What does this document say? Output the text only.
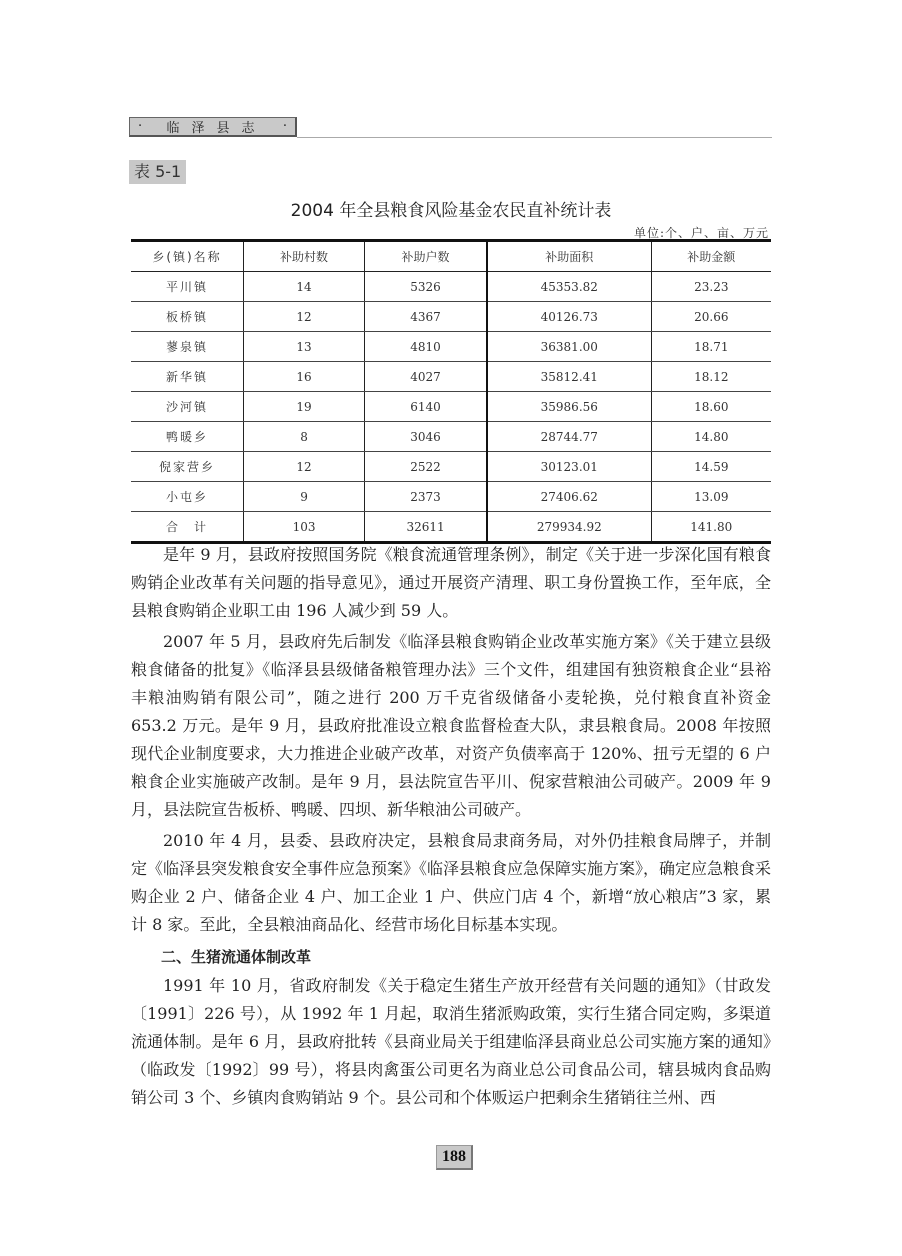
· 临泽县志 ·
表 5-1
2004 年全县粮食风险基金农民直补统计表
单位:个、户、亩、万元
乡(镇)名称	补助村数	补助户数	补助面积	补助金额
平川镇	14	5326	45353.82	23.23
板桥镇	12	4367	40126.73	20.66
蓼泉镇	13	4810	36381.00	18.71
新华镇	16	4027	35812.41	18.12
沙河镇	19	6140	35986.56	18.60
鸭暖乡	8	3046	28744.77	14.80
倪家营乡	12	2522	30123.01	14.59
小屯乡	9	2373	27406.62	13.09
合　计	103	32611	279934.92	141.80

是年 9 月，县政府按照国务院《粮食流通管理条例》，制定《关于进一步深化国有粮食购销企业改革有关问题的指导意见》，通过开展资产清理、职工身份置换工作，至年底，全县粮食购销企业职工由 196 人减少到 59 人。

2007 年 5 月，县政府先后制发《临泽县粮食购销企业改革实施方案》《关于建立县级粮食储备的批复》《临泽县县级储备粮管理办法》三个文件，组建国有独资粮食企业“县裕丰粮油购销有限公司”，随之进行 200 万千克省级储备小麦轮换，兑付粮食直补资金 653.2 万元。是年 9 月，县政府批准设立粮食监督检查大队，隶县粮食局。2008 年按照现代企业制度要求，大力推进企业破产改革，对资产负债率高于 120%、扭亏无望的 6 户粮食企业实施破产改制。是年 9 月，县法院宣告平川、倪家营粮油公司破产。2009 年 9 月，县法院宣告板桥、鸭暖、四坝、新华粮油公司破产。

2010 年 4 月，县委、县政府决定，县粮食局隶商务局，对外仍挂粮食局牌子，并制定《临泽县突发粮食安全事件应急预案》《临泽县粮食应急保障实施方案》，确定应急粮食采购企业 2 户、储备企业 4 户、加工企业 1 户、供应门店 4 个，新增“放心粮店”3 家，累计 8 家。至此，全县粮油商品化、经营市场化目标基本实现。

二、生猪流通体制改革

1991 年 10 月，省政府制发《关于稳定生猪生产放开经营有关问题的通知》（甘政发〔1991〕226 号），从 1992 年 1 月起，取消生猪派购政策，实行生猪合同定购，多渠道流通体制。是年 6 月，县政府批转《县商业局关于组建临泽县商业总公司实施方案的通知》（临政发〔1992〕99 号），将县肉禽蛋公司更名为商业总公司食品公司，辖县城肉食品购销公司 3 个、乡镇肉食购销站 9 个。县公司和个体贩运户把剩余生猪销往兰州、西

188
